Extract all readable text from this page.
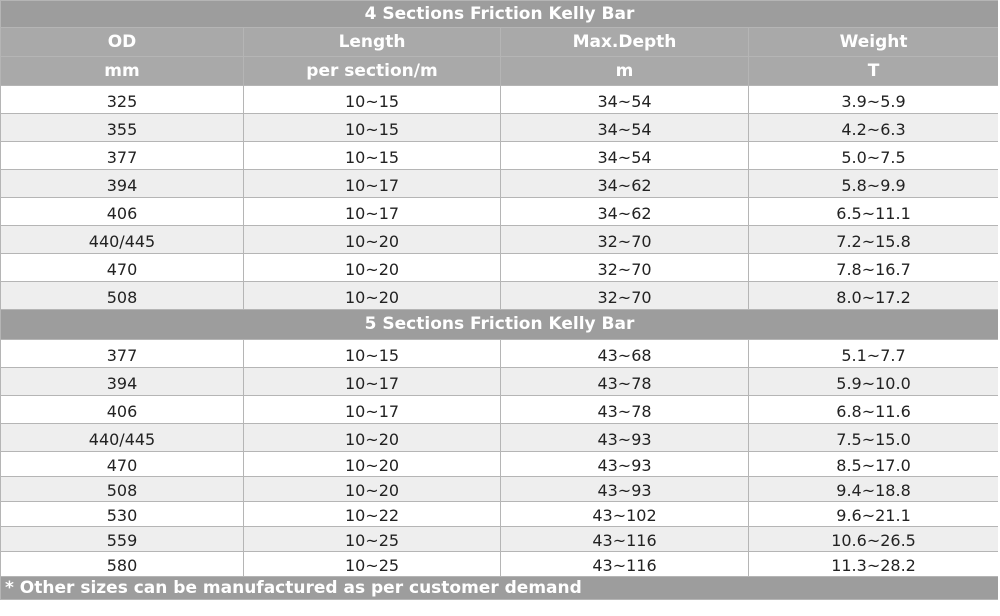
4 Sections Friction Kelly Bar			
OD	Length	Max.Depth	Weight
mm	per section/m	m	T
325	10~15	34~54	3.9~5.9
355	10~15	34~54	4.2~6.3
377	10~15	34~54	5.0~7.5
394	10~17	34~62	5.8~9.9
406	10~17	34~62	6.5~11.1
440/445	10~20	32~70	7.2~15.8
470	10~20	32~70	7.8~16.7
508	10~20	32~70	8.0~17.2
5 Sections Friction Kelly Bar			
377	10~15	43~68	5.1~7.7
394	10~17	43~78	5.9~10.0
406	10~17	43~78	6.8~11.6
440/445	10~20	43~93	7.5~15.0
470	10~20	43~93	8.5~17.0
508	10~20	43~93	9.4~18.8
530	10~22	43~102	9.6~21.1
559	10~25	43~116	10.6~26.5
580	10~25	43~116	11.3~28.2
* Other sizes can be manufactured as per customer demand			
